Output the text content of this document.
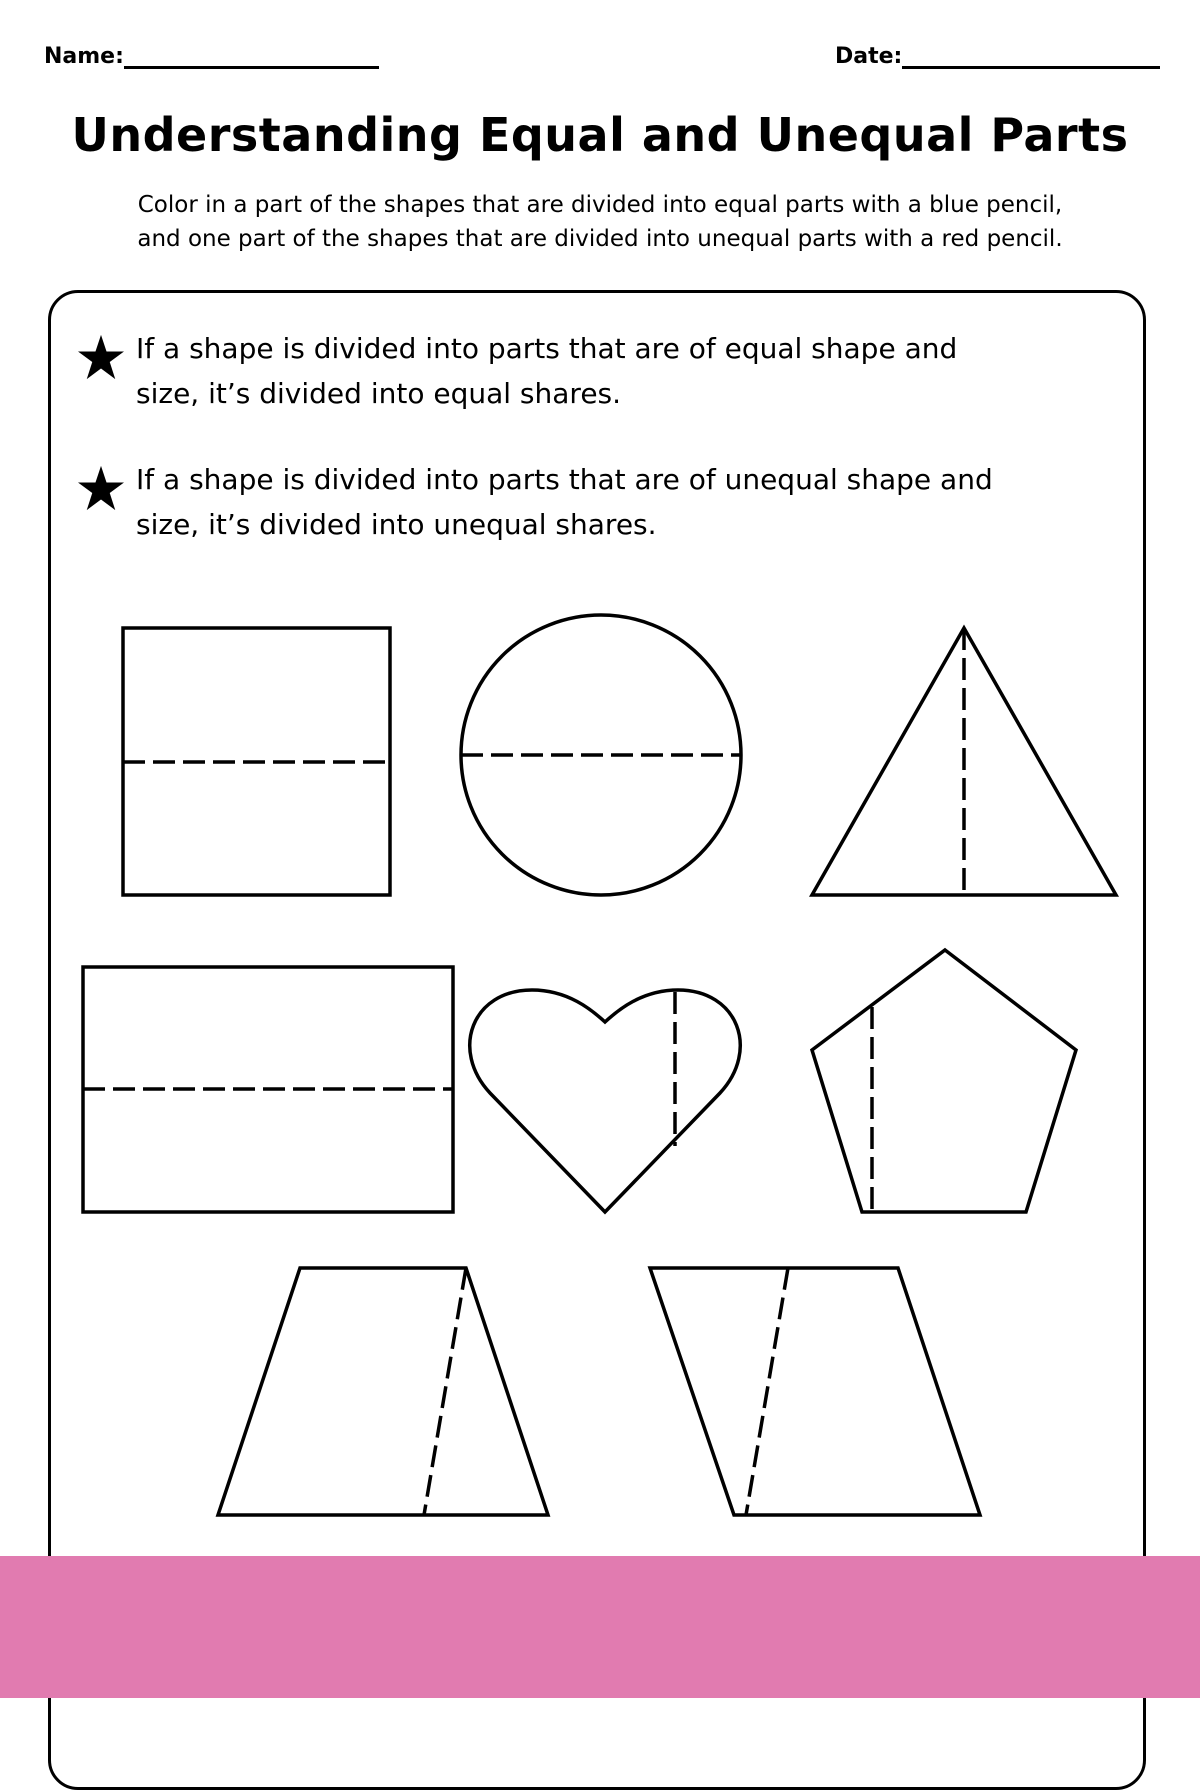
Name:	Date:
Understanding Equal and Unequal Parts
Color in a part of the shapes that are divided into equal parts with a blue pencil,
and one part of the shapes that are divided into unequal parts with a red pencil.
If a shape is divided into parts that are of equal shape and
size, it’s divided into equal shares.
If a shape is divided into parts that are of unequal shape and
size, it’s divided into unequal shares.
